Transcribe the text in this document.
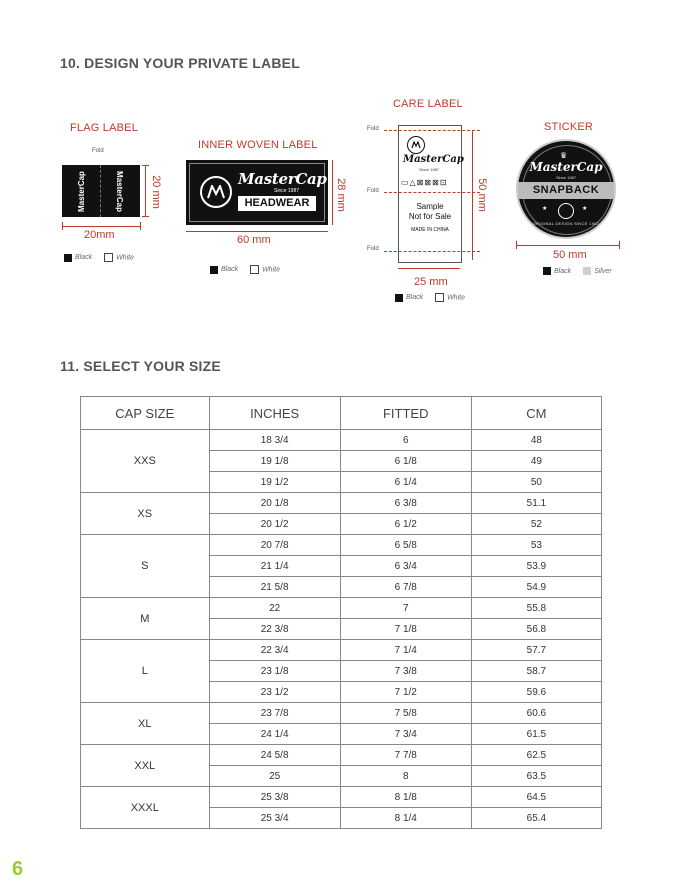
10. DESIGN YOUR PRIVATE LABEL
FLAG LABEL
Fold
MasterCap	MasterCap 20 mm
20mm
Black	White
INNER WOVEN LABEL
MasterCap
Since 1987
HEADWEAR	28 mm
60 mm
Black	White
CARE LABEL
MasterCap
Since 1987
▭△⊠⊠⊠⊡
Sample
Not for Sale
MADE IN CHINA
Fold
Fold
Fold
50 mm
25 mm
Black	White
STICKER
♛
MasterCap
Since 1987
SNAPBACK
★	★
ORIGINAL DESIGN SINCE 1987
50 mm
Black	Silver
11. SELECT YOUR SIZE
CAP SIZE	INCHES	FITTED	CM
XXS	18 3/4	6	48
	19 1/8	6 1/8	49
	19 1/2	6 1/4	50
XS	20 1/8	6 3/8	51.1
	20 1/2	6 1/2	52
S	20 7/8	6 5/8	53
	21 1/4	6 3/4	53.9
	21 5/8	6 7/8	54.9
M	22	7	55.8
	22 3/8	7 1/8	56.8
L	22 3/4	7 1/4	57.7
	23 1/8	7 3/8	58.7
	23 1/2	7 1/2	59.6
XL	23 7/8	7 5/8	60.6
	24 1/4	7 3/4	61.5
XXL	24 5/8	7 7/8	62.5
	25	8	63.5
XXXL	25 3/8	8 1/8	64.5
	25 3/4	8 1/4	65.4
6
